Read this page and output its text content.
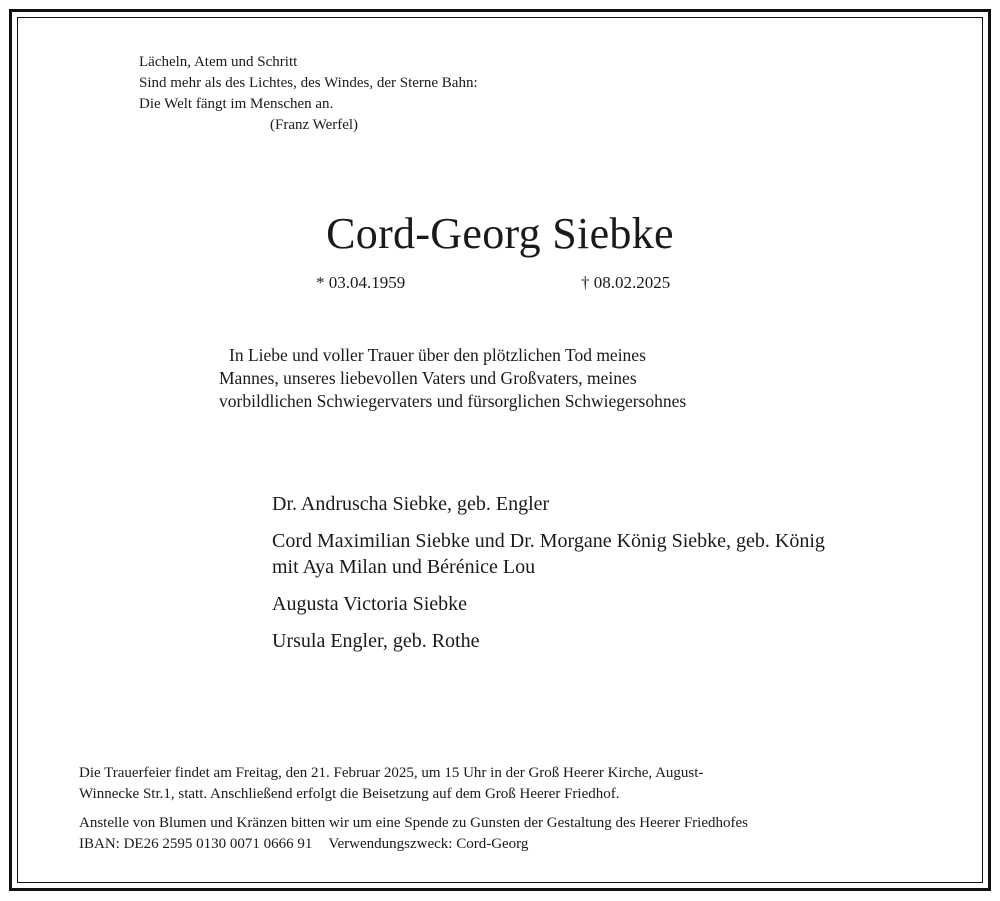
Lächeln, Atem und Schritt
Sind mehr als des Lichtes, des Windes, der Sterne Bahn:
Die Welt fängt im Menschen an.
(Franz Werfel)
Cord-Georg Siebke
* 03.04.1959	† 08.02.2025
In Liebe und voller Trauer über den plötzlichen Tod meines
Mannes, unseres liebevollen Vaters und Großvaters, meines
vorbildlichen Schwiegervaters und fürsorglichen Schwiegersohnes
Dr. Andruscha Siebke, geb. Engler
Cord Maximilian Siebke und Dr. Morgane König Siebke, geb. König
mit Aya Milan und Bérénice Lou
Augusta Victoria Siebke
Ursula Engler, geb. Rothe
Die Trauerfeier findet am Freitag, den 21. Februar 2025, um 15 Uhr in der Groß Heerer Kirche, August-
Winnecke Str.1, statt. Anschließend erfolgt die Beisetzung auf dem Groß Heerer Friedhof.
Anstelle von Blumen und Kränzen bitten wir um eine Spende zu Gunsten der Gestaltung des Heerer Friedhofes
IBAN: DE26 2595 0130 0071 0666 91 Verwendungszweck: Cord-Georg
